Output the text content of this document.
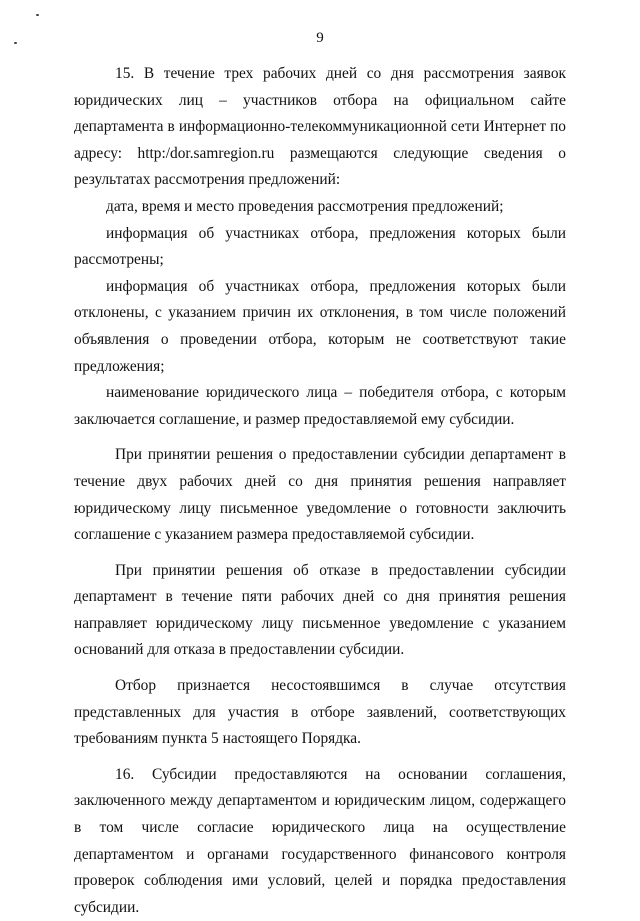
9

15. В течение трех рабочих дней со дня рассмотрения заявок юридических лиц – участников отбора на официальном сайте департамента в информационно-телекоммуникационной сети Интернет по адресу: http:/dor.samregion.ru размещаются следующие сведения о результатах рассмотрения предложений:

дата, время и место проведения рассмотрения предложений;

информация об участниках отбора, предложения которых были рассмотрены;

информация об участниках отбора, предложения которых были отклонены, с указанием причин их отклонения, в том числе положений объявления о проведении отбора, которым не соответствуют такие предложения;

наименование юридического лица – победителя отбора, с которым заключается соглашение, и размер предоставляемой ему субсидии.

При принятии решения о предоставлении субсидии департамент в течение двух рабочих дней со дня принятия решения направляет юридическому лицу письменное уведомление о готовности заключить соглашение с указанием размера предоставляемой субсидии.

При принятии решения об отказе в предоставлении субсидии департамент в течение пяти рабочих дней со дня принятия решения направляет юридическому лицу письменное уведомление с указанием оснований для отказа в предоставлении субсидии.

Отбор признается несостоявшимся в случае отсутствия представленных для участия в отборе заявлений, соответствующих требованиям пункта 5 настоящего Порядка.

16. Субсидии предоставляются на основании соглашения, заключенного между департаментом и юридическим лицом, содержащего в том числе согласие юридического лица на осуществление департаментом и органами государственного финансового контроля проверок соблюдения ими условий, целей и порядка предоставления субсидии.
